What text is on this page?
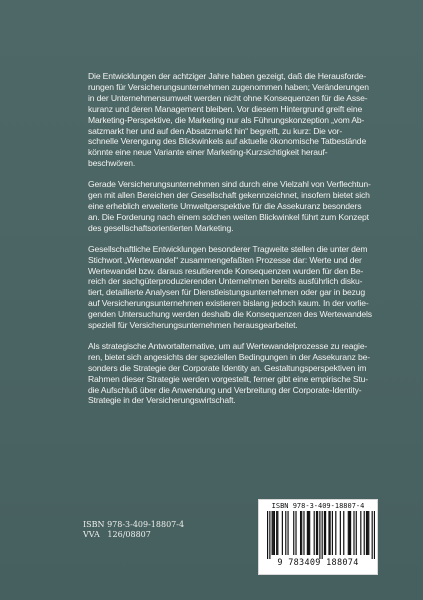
Die Entwicklungen der achtziger Jahre haben gezeigt, daß die Herausforde-
rungen für Versicherungsunternehmen zugenommen haben; Veränderungen
in der Unternehmensumwelt werden nicht ohne Konsequenzen für die Asse-
kuranz und deren Management bleiben. Vor diesem Hintergrund greift eine
Marketing-Perspektive, die Marketing nur als Führungskonzeption „vom Ab-
satzmarkt her und auf den Absatzmarkt hin“ begreift, zu kurz: Die vor-
schnelle Verengung des Blickwinkels auf aktuelle ökonomische Tatbestände
könnte eine neue Variante einer Marketing-Kurzsichtigkeit herauf-
beschwören.
Gerade Versicherungsunternehmen sind durch eine Vielzahl von Verflechtun-
gen mit allen Bereichen der Gesellschaft gekennzeichnet, insofern bietet sich
eine erheblich erweiterte Umweltperspektive für die Assekuranz besonders
an. Die Forderung nach einem solchen weiten Blickwinkel führt zum Konzept
des gesellschaftsorientierten Marketing.
Gesellschaftliche Entwicklungen besonderer Tragweite stellen die unter dem
Stichwort „Wertewandel“ zusammengefaßten Prozesse dar: Werte und der
Wertewandel bzw. daraus resultierende Konsequenzen wurden für den Be-
reich der sachgüterproduzierenden Unternehmen bereits ausführlich disku-
tiert, detaillierte Analysen für Dienstleistungsunternehmen oder gar in bezug
auf Versicherungsunternehmen existieren bislang jedoch kaum. In der vorlie-
genden Untersuchung werden deshalb die Konsequenzen des Wertewandels
speziell für Versicherungsunternehmen herausgearbeitet.
Als strategische Antwortalternative, um auf Wertewandelprozesse zu reagie-
ren, bietet sich angesichts der speziellen Bedingungen in der Assekuranz be-
sonders die Strategie der Corporate Identity an. Gestaltungsperspektiven im
Rahmen dieser Strategie werden vorgestellt, ferner gibt eine empirische Stu-
die Aufschluß über die Anwendung und Verbreitung der Corporate-Identity-
Strategie in der Versicherungswirtschaft.
ISBN 978-3-409-18807-4
VVA   126/08807
ISBN 978-3-409-18807-4
9 783409 188074
